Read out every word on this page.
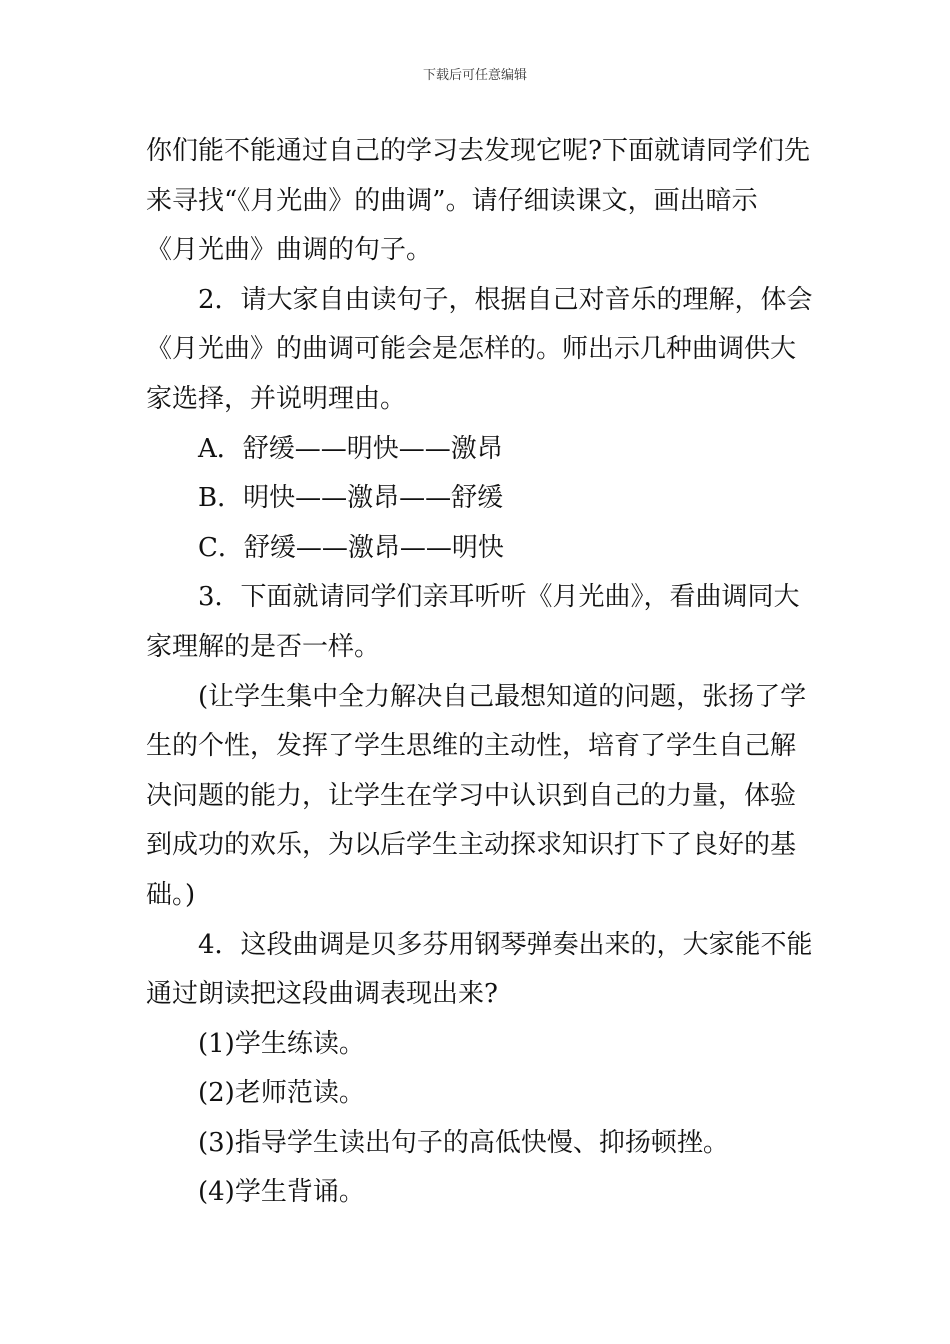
下载后可任意编辑

你们能不能通过自己的学习去发现它呢?下面就请同学们先

来寻找“《月光曲》的曲调”。请仔细读课文，画出暗示

《月光曲》曲调的句子。

2．请大家自由读句子，根据自己对音乐的理解，体会

《月光曲》的曲调可能会是怎样的。师出示几种曲调供大

家选择，并说明理由。

A．舒缓——明快——激昂

B．明快——激昂——舒缓

C．舒缓——激昂——明快

3．下面就请同学们亲耳听听《月光曲》，看曲调同大

家理解的是否一样。

(让学生集中全力解决自己最想知道的问题，张扬了学

生的个性，发挥了学生思维的主动性，培育了学生自己解

决问题的能力，让学生在学习中认识到自己的力量，体验

到成功的欢乐，为以后学生主动探求知识打下了良好的基

础。)

4．这段曲调是贝多芬用钢琴弹奏出来的，大家能不能

通过朗读把这段曲调表现出来?

(1)学生练读。

(2)老师范读。

(3)指导学生读出句子的高低快慢、抑扬顿挫。

(4)学生背诵。
